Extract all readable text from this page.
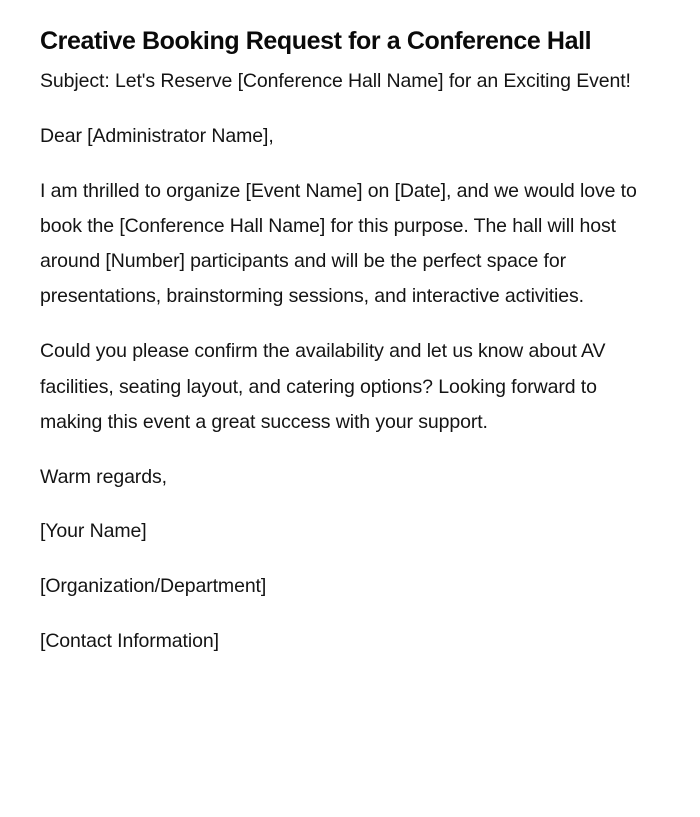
Creative Booking Request for a Conference Hall

Subject: Let's Reserve [Conference Hall Name] for an Exciting Event!

Dear [Administrator Name],

I am thrilled to organize [Event Name] on [Date], and we would love to book the [Conference Hall Name] for this purpose. The hall will host around [Number] participants and will be the perfect space for presentations, brainstorming sessions, and interactive activities.

Could you please confirm the availability and let us know about AV facilities, seating layout, and catering options? Looking forward to making this event a great success with your support.

Warm regards,

[Your Name]

[Organization/Department]

[Contact Information]
